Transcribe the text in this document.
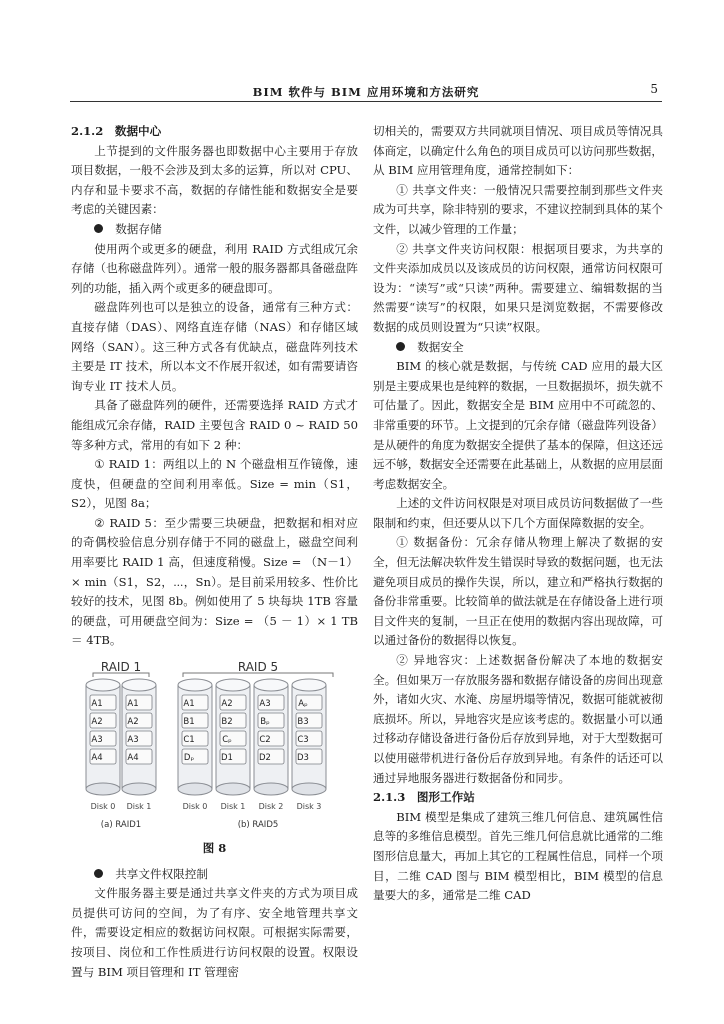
BIM 软件与 BIM 应用环境和方法研究	5
2.1.2　数据中心

上节提到的文件服务器也即数据中心主要用于存放项目数据，一般不会涉及到太多的运算，所以对 CPU、内存和显卡要求不高，数据的存储性能和数据安全是要考虑的关键因素：

数据存储

使用两个或更多的硬盘，利用 RAID 方式组成冗余存储（也称磁盘阵列）。通常一般的服务器都具备磁盘阵列的功能，插入两个或更多的硬盘即可。

磁盘阵列也可以是独立的设备，通常有三种方式：直接存储（DAS）、网络直连存储（NAS）和存储区域网络（SAN）。这三种方式各有优缺点，磁盘阵列技术主要是 IT 技术，所以本文不作展开叙述，如有需要请咨询专业 IT 技术人员。

具备了磁盘阵列的硬件，还需要选择 RAID 方式才能组成冗余存储，RAID 主要包含 RAID 0 ~ RAID 50 等多种方式，常用的有如下 2 种：

① RAID 1：两组以上的 N 个磁盘相互作镜像，速度快，但硬盘的空间利用率低。Size = min（S1，S2），见图 8a；

② RAID 5：至少需要三块硬盘，把数据和相对应的奇偶校验信息分别存储于不同的磁盘上，磁盘空间利用率要比 RAID 1 高，但速度稍慢。Size = （N－1）× min（S1，S2，⋯，Sn）。是目前采用较多、性价比较好的技术，见图 8b。例如使用了 5 块每块 1TB 容量的硬盘，可用硬盘空间为：Size = （5 － 1）× 1 TB ＝ 4TB。

RAID 1	RAID 5
A1
A2
A3
A4
Disk 0
A1
A2
A3
A4
Disk 1
A1
B1
C1
Dₚ
Disk 0
A2
B2
Cₚ
D1
Disk 1
A3
Bₚ
C2
D2
Disk 2
Aₚ
B3
C3
D3
Disk 3
(a) RAID1	(b) RAID5
图 8
共享文件权限控制

文件服务器主要是通过共享文件夹的方式为项目成员提供可访问的空间，为了有序、安全地管理共享文件，需要设定相应的数据访问权限。可根据实际需要，按项目、岗位和工作性质进行访问权限的设置。权限设置与 BIM 项目管理和 IT 管理密

切相关的，需要双方共同就项目情况、项目成员等情况具体商定，以确定什么角色的项目成员可以访问那些数据，从 BIM 应用管理角度，通常控制如下：

① 共享文件夹：一般情况只需要控制到那些文件夹成为可共享，除非特别的要求，不建议控制到具体的某个文件，以减少管理的工作量；

② 共享文件夹访问权限：根据项目要求，为共享的文件夹添加成员以及该成员的访问权限，通常访问权限可设为：“读写”或“只读”两种。需要建立、编辑数据的当然需要“读写”的权限，如果只是浏览数据，不需要修改数据的成员则设置为“只读”权限。

数据安全

BIM 的核心就是数据，与传统 CAD 应用的最大区别是主要成果也是纯粹的数据，一旦数据损坏，损失就不可估量了。因此，数据安全是 BIM 应用中不可疏忽的、非常重要的环节。上文提到的冗余存储（磁盘阵列设备）是从硬件的角度为数据安全提供了基本的保障，但这还远远不够，数据安全还需要在此基础上，从数据的应用层面考虑数据安全。

上述的文件访问权限是对项目成员访问数据做了一些限制和约束，但还要从以下几个方面保障数据的安全。

① 数据备份：冗余存储从物理上解决了数据的安全，但无法解决软件发生错误时导致的数据问题，也无法避免项目成员的操作失误，所以，建立和严格执行数据的备份非常重要。比较简单的做法就是在存储设备上进行项目文件夹的复制，一旦正在使用的数据内容出现故障，可以通过备份的数据得以恢复。

② 异地容灾：上述数据备份解决了本地的数据安全。但如果万一存放服务器和数据存储设备的房间出现意外，诸如火灾、水淹、房屋坍塌等情况，数据可能就被彻底损坏。所以，异地容灾是应该考虑的。数据量小可以通过移动存储设备进行备份后存放到异地，对于大型数据可以使用磁带机进行备份后存放到异地。有条件的话还可以通过异地服务器进行数据备份和同步。

2.1.3　图形工作站

BIM 模型是集成了建筑三维几何信息、建筑属性信息等的多维信息模型。首先三维几何信息就比通常的二维图形信息量大，再加上其它的工程属性信息，同样一个项目，二维 CAD 图与 BIM 模型相比，BIM 模型的信息量要大的多，通常是二维 CAD
